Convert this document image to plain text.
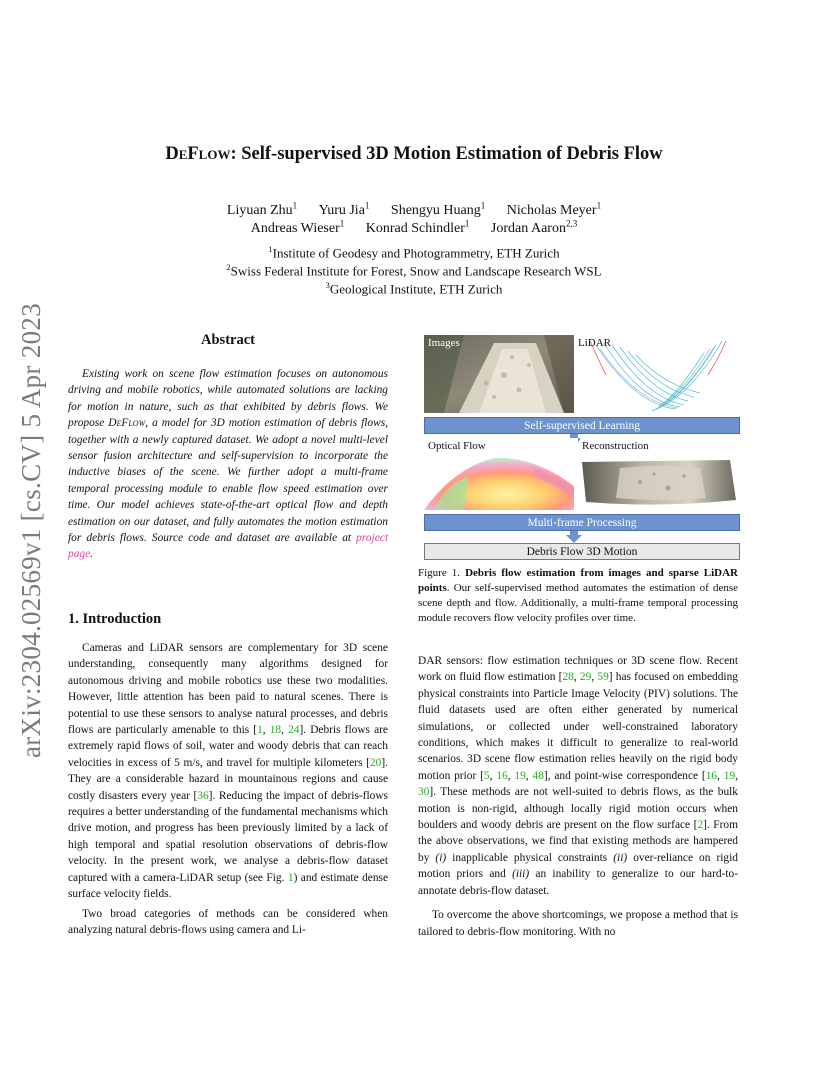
arXiv:2304.02569v1 [cs.CV] 5 Apr 2023
DeFlow: Self-supervised 3D Motion Estimation of Debris Flow
Liyuan Zhu$^1$ Yuru Jia$^1$ Shengyu Huang$^1$ Nicholas Meyer$^1$
Andreas Wieser$^1$ Konrad Schindler$^1$ Jordan Aaron$^{2,3}$
$^1$Institute of Geodesy and Photogrammetry, ETH Zurich
$^2$Swiss Federal Institute for Forest, Snow and Landscape Research WSL
$^3$Geological Institute, ETH Zurich
Abstract
Existing work on scene flow estimation focuses on autonomous driving and mobile robotics, while automated solutions are lacking for motion in nature, such as that exhibited by debris flows. We propose DeFlow, a model for 3D motion estimation of debris flows, together with a newly captured dataset. We adopt a novel multi-level sensor fusion architecture and self-supervision to incorporate the inductive biases of the scene. We further adopt a multi-frame temporal processing module to enable flow speed estimation over time. Our model achieves state-of-the-art optical flow and depth estimation on our dataset, and fully automates the motion estimation for debris flows. Source code and dataset are available at project page.
1. Introduction

Cameras and LiDAR sensors are complementary for 3D scene understanding, consequently many algorithms designed for autonomous driving and mobile robotics use these two modalities. However, little attention has been paid to natural scenes. There is potential to use these sensors to analyse natural processes, and debris flows are particularly amenable to this [1, 18, 24]. Debris flows are extremely rapid flows of soil, water and woody debris that can reach velocities in excess of 5 m/s, and travel for multiple kilometers [20]. They are a considerable hazard in mountainous regions and cause costly disasters every year [36]. Reducing the impact of debris-flows requires a better understanding of the fundamental mechanisms which drive motion, and progress has been previously limited by a lack of high temporal and spatial resolution observations of debris-flow velocity. In the present work, we analyse a debris-flow dataset captured with a camera-LiDAR setup (see Fig. 1) and estimate dense surface velocity fields.

Two broad categories of methods can be considered when analyzing natural debris-flows using camera and Li-

Images	LiDAR
Self-supervised Learning
Optical Flow	Reconstruction
Multi-frame Processing
Debris Flow 3D Motion
Figure 1. Debris flow estimation from images and sparse LiDAR points. Our self-supervised method automates the estimation of dense scene depth and flow. Additionally, a multi-frame temporal processing module recovers flow velocity profiles over time.

DAR sensors: flow estimation techniques or 3D scene flow. Recent work on fluid flow estimation [28, 29, 59] has focused on embedding physical constraints into Particle Image Velocity (PIV) solutions. The fluid datasets used are often either generated by numerical simulations, or collected under well-constrained laboratory conditions, which makes it difficult to generalize to real-world scenarios. 3D scene flow estimation relies heavily on the rigid body motion prior [5, 16, 19, 48], and point-wise correspondence [16, 19, 30]. These methods are not well-suited to debris flows, as the bulk motion is non-rigid, although locally rigid motion occurs when boulders and woody debris are present on the flow surface [2]. From the above observations, we find that existing methods are hampered by (i) inapplicable physical constraints (ii) over-reliance on rigid motion priors and (iii) an inability to generalize to our hard-to-annotate debris-flow dataset.

To overcome the above shortcomings, we propose a method that is tailored to debris-flow monitoring. With no
